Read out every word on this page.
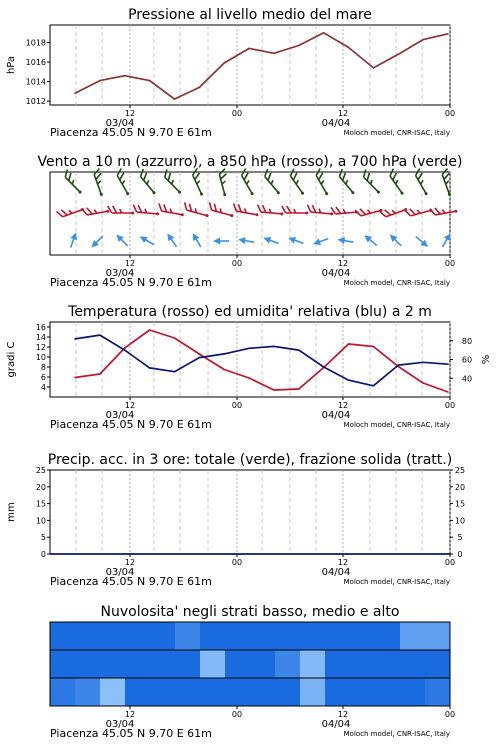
12	00	12	00
03/04	04/04
Piacenza 45.05 N 9.70 E 61m	Moloch model, CNR-ISAC, Italy
Pressione al livello medio del mare
1012
1014
1016
1018
hPa
12	00	12	00
03/04	04/04
Piacenza 45.05 N 9.70 E 61m	Moloch model, CNR-ISAC, Italy
Vento a 10 m (azzurro), a 850 hPa (rosso), a 700 hPa (verde)
12	00	12	00
03/04	04/04
Piacenza 45.05 N 9.70 E 61m	Moloch model, CNR-ISAC, Italy
Temperatura (rosso) ed umidita' relativa (blu) a 2 m
4
6
8
10
12
14
16
40
60
80
gradi C	%
12	00	12	00
03/04	04/04
Piacenza 45.05 N 9.70 E 61m	Moloch model, CNR-ISAC, Italy
Precip. acc. in 3 ore: totale (verde), frazione solida (tratt.)
0
5
10
15
20
25
0
5
10
15
20
25
mm
Nuvolosita' negli strati basso, medio e alto
12	00	12	00
03/04	04/04
Piacenza 45.05 N 9.70 E 61m	Moloch model, CNR-ISAC, Italy
